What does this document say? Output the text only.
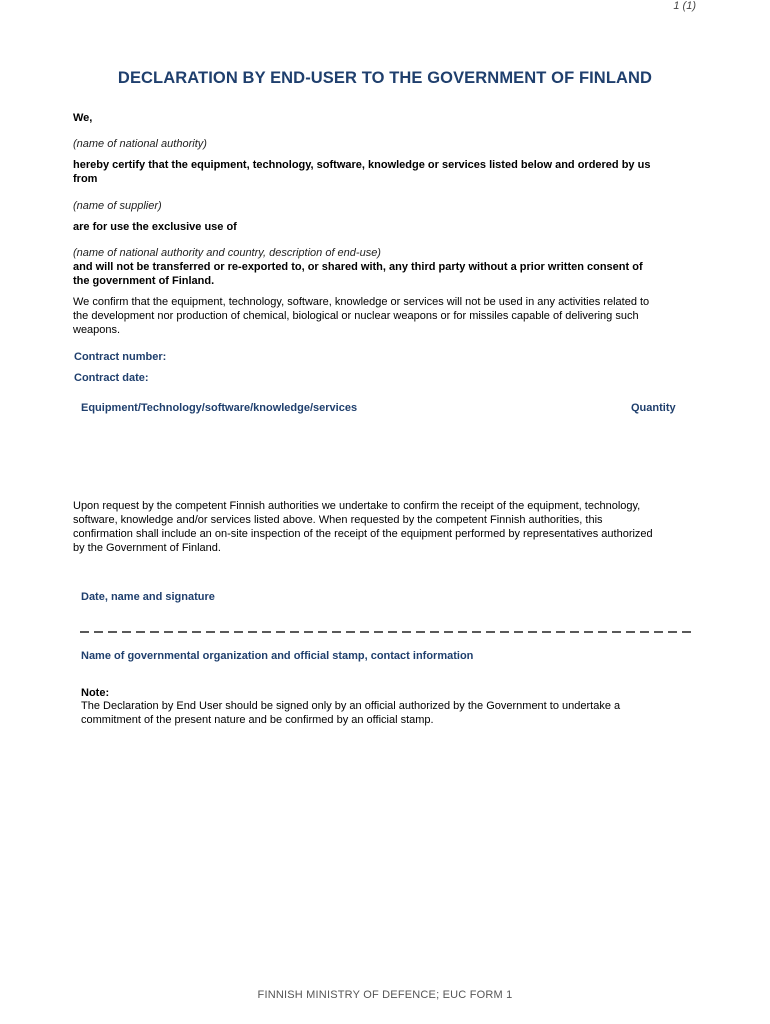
1 (1)
DECLARATION BY END-USER TO THE GOVERNMENT OF FINLAND

We,

(name of national authority)

hereby certify that the equipment, technology, software, knowledge or services listed below and ordered by us

from

(name of supplier)

are for use the exclusive use of

(name of national authority and country, description of end-use)

and will not be transferred or re-exported to, or shared with, any third party without a prior written consent of

the government of Finland.

We confirm that the equipment, technology, software, knowledge or services will not be used in any activities related to

the development nor production of chemical, biological or nuclear weapons or for missiles capable of delivering such

weapons.

Contract number:

Contract date:

Equipment/Technology/software/knowledge/services	Quantity

Upon request by the competent Finnish authorities we undertake to confirm the receipt of the equipment, technology,

software, knowledge and/or services listed above. When requested by the competent Finnish authorities, this

confirmation shall include an on-site inspection of the receipt of the equipment performed by representatives authorized

by the Government of Finland.

Date, name and signature

Name of governmental organization and official stamp, contact information

Note:

The Declaration by End User should be signed only by an official authorized by the Government to undertake a

commitment of the present nature and be confirmed by an official stamp.

FINNISH MINISTRY OF DEFENCE; EUC FORM 1
